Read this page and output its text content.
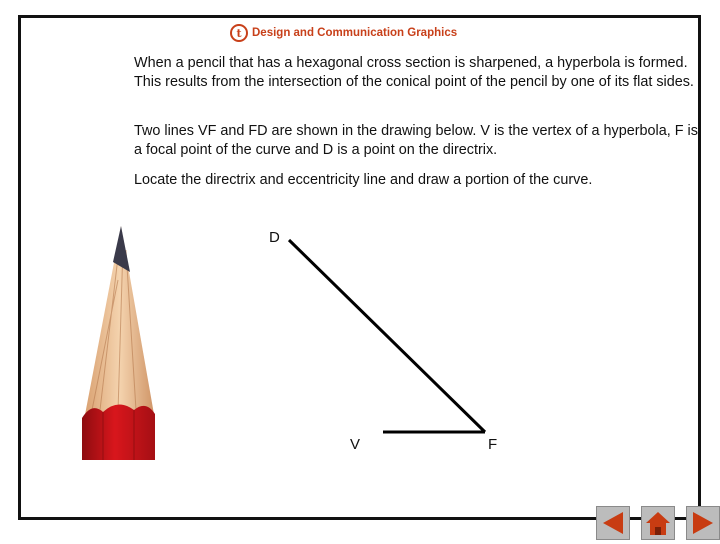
t Design and Communication Graphics

When a pencil that has a hexagonal cross section is sharpened, a hyperbola is formed. This results from the intersection of the conical point of the pencil by one of its flat sides.

Two lines VF and FD are shown in the drawing below. V is the vertex of a hyperbola, F is a focal point of the curve and D is a point on the directrix.

Locate the directrix and eccentricity line and draw a portion of the curve.

D
V	F
